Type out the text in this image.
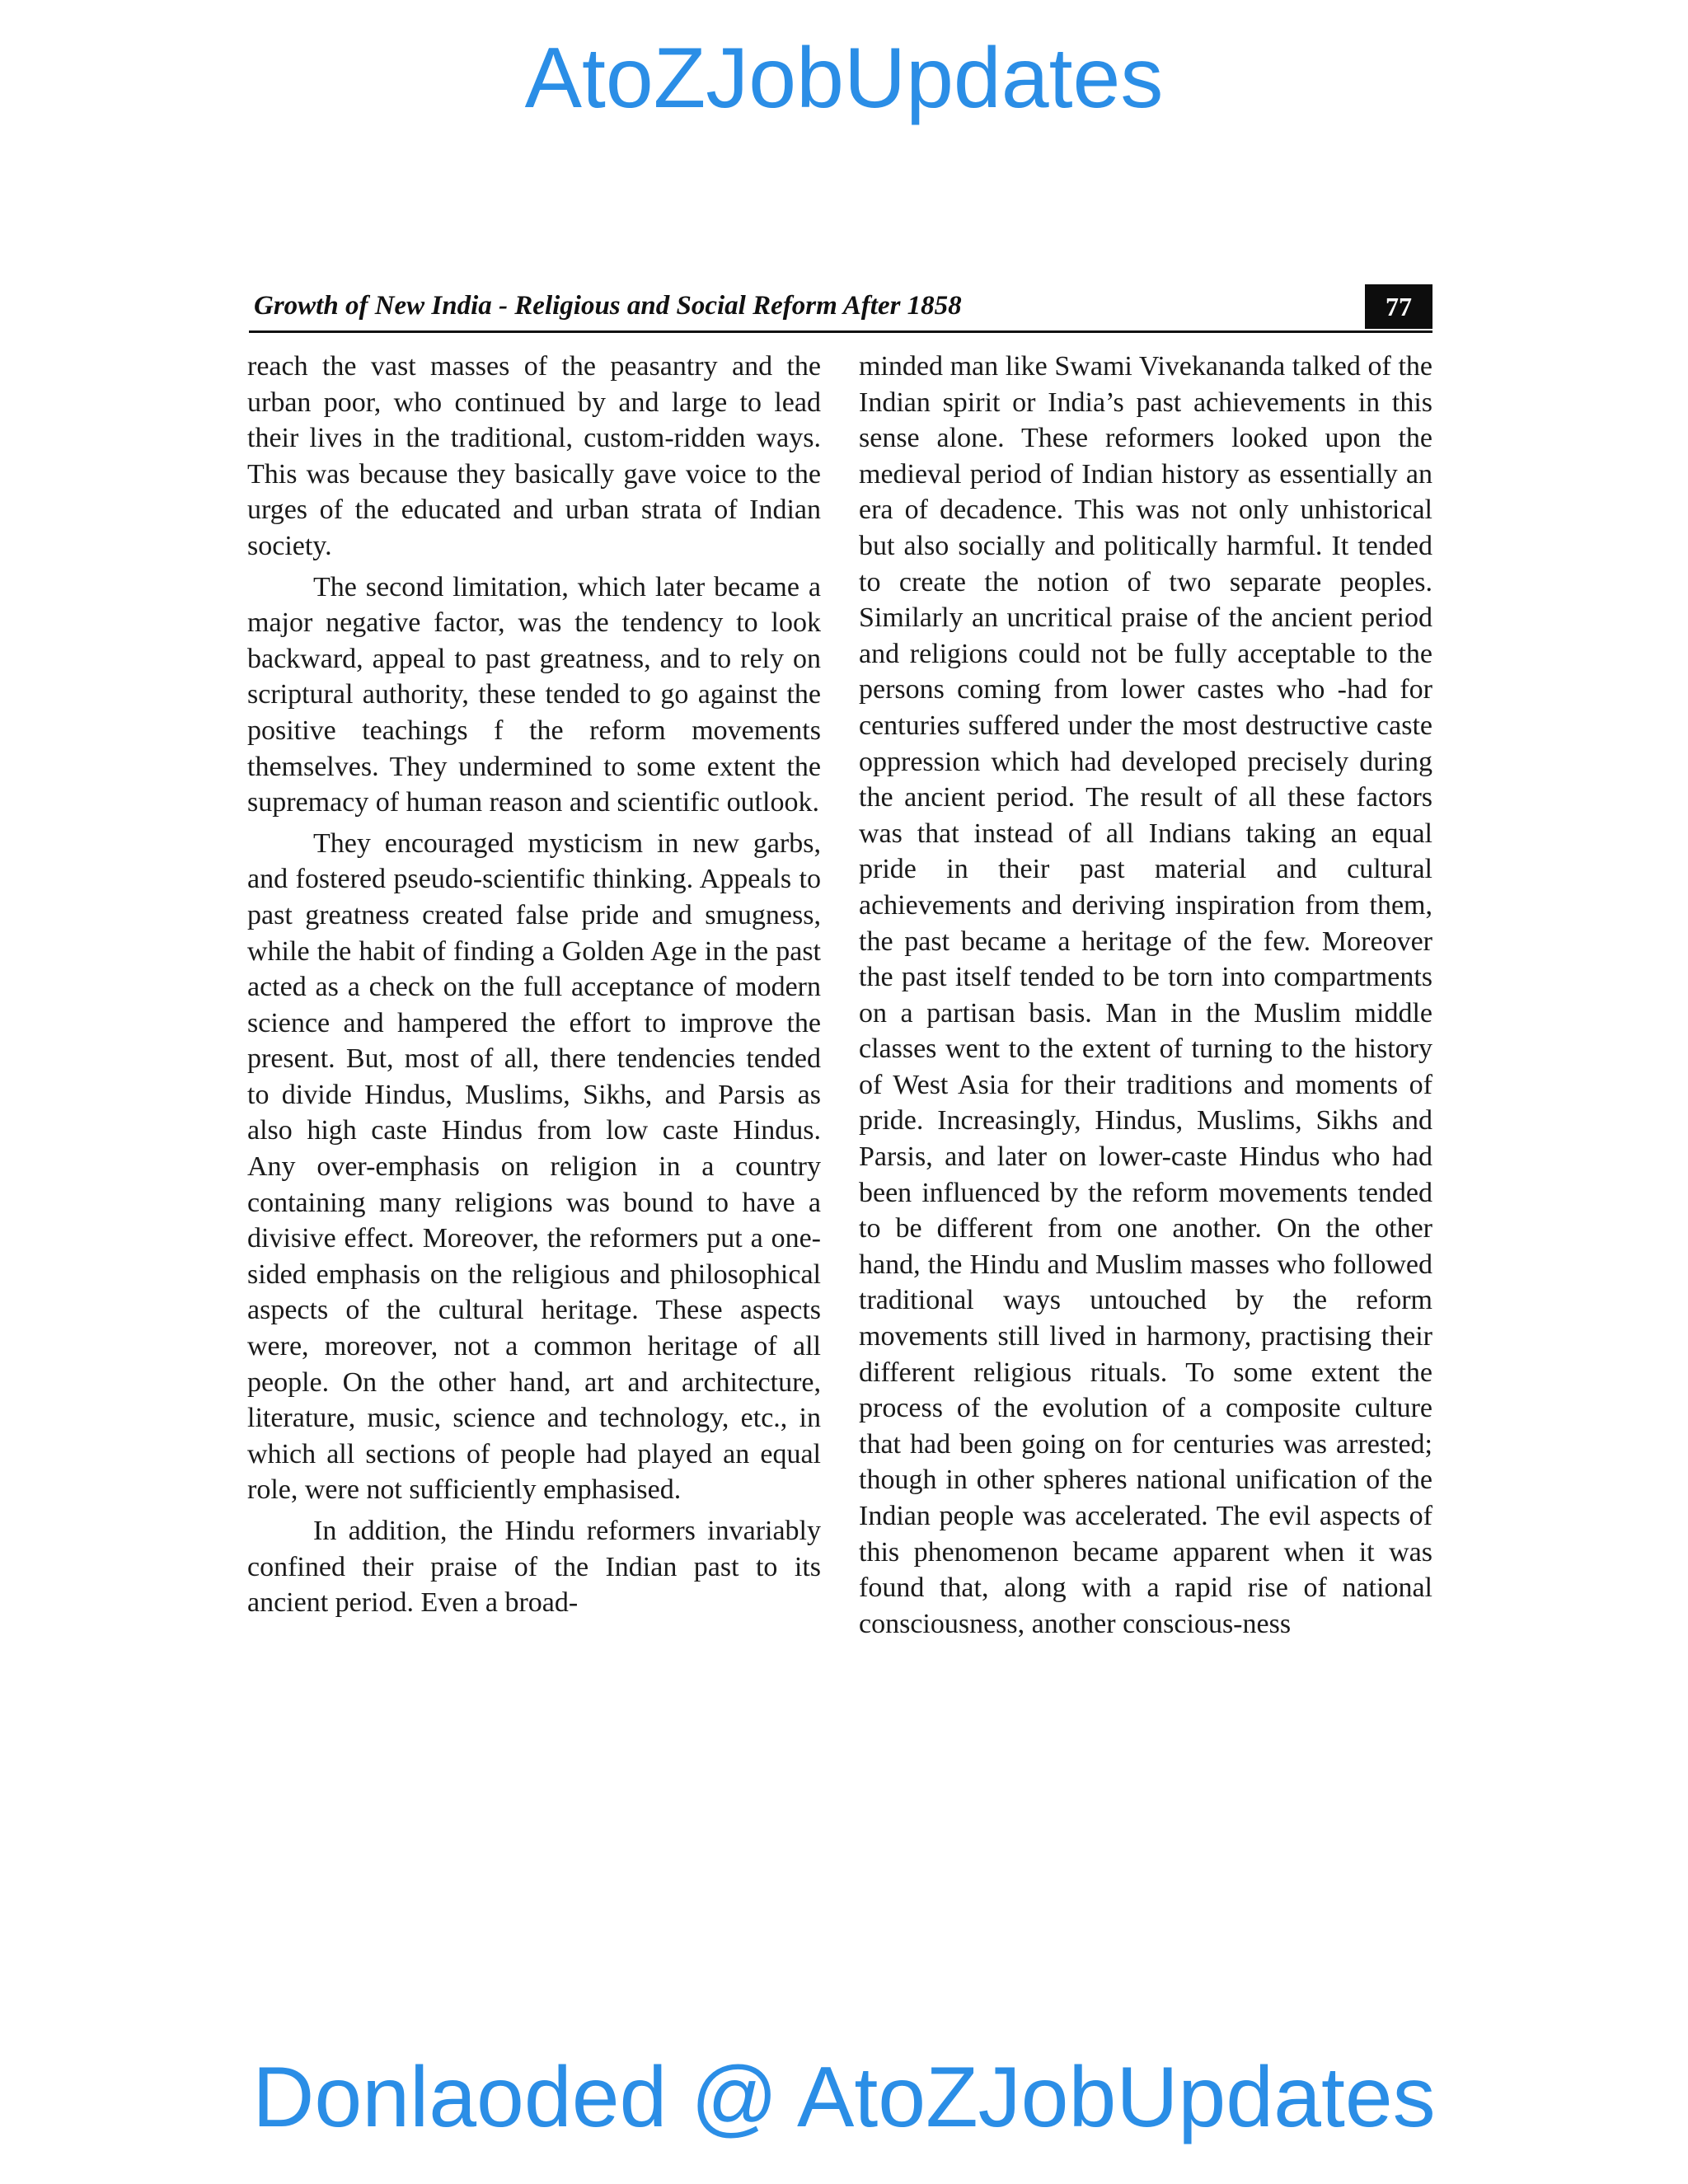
AtoZJobUpdates
Growth of New India - Religious and Social Reform After 1858	77

reach the vast masses of the peasantry and the urban poor, who continued by and large to lead their lives in the traditional, custom-ridden ways. This was because they basically gave voice to the urges of the educated and urban strata of Indian society.

The second limitation, which later became a major negative factor, was the tendency to look backward, appeal to past greatness, and to rely on scriptural authority, these tended to go against the positive teachings f the reform movements themselves. They undermined to some extent the supremacy of human reason and scientific outlook.

They encouraged mysticism in new garbs, and fostered pseudo-scientific thinking. Appeals to past greatness created false pride and smugness, while the habit of finding a Golden Age in the past acted as a check on the full acceptance of modern science and hampered the effort to improve the present. But, most of all, there tendencies tended to divide Hindus, Muslims, Sikhs, and Parsis as also high caste Hindus from low caste Hindus. Any over-emphasis on religion in a country containing many religions was bound to have a divisive effect. Moreover, the reformers put a one-sided emphasis on the religious and philosophical aspects of the cultural heritage. These aspects were, moreover, not a common heritage of all people. On the other hand, art and architecture, literature, music, science and technology, etc., in which all sections of people had played an equal role, were not sufficiently emphasised.

In addition, the Hindu reformers invariably confined their praise of the Indian past to its ancient period. Even a broad-

minded man like Swami Vivekananda talked of the Indian spirit or India’s past achievements in this sense alone. These reformers looked upon the medieval period of Indian history as essentially an era of decadence. This was not only unhistorical but also socially and politically harmful. It tended to create the notion of two separate peoples. Similarly an uncritical praise of the ancient period and religions could not be fully acceptable to the persons coming from lower castes who -had for centuries suffered under the most destructive caste oppression which had developed precisely during the ancient period. The result of all these factors was that instead of all Indians taking an equal pride in their past material and cultural achievements and deriving inspiration from them, the past became a heritage of the few. Moreover the past itself tended to be torn into compartments on a partisan basis. Man in the Muslim middle classes went to the extent of turning to the history of West Asia for their traditions and moments of pride. Increasingly, Hindus, Muslims, Sikhs and Parsis, and later on lower-caste Hindus who had been influenced by the reform movements tended to be different from one another. On the other hand, the Hindu and Muslim masses who followed traditional ways untouched by the reform movements still lived in harmony, practising their different religious rituals. To some extent the process of the evolution of a composite culture that had been going on for centuries was arrested; though in other spheres national unification of the Indian people was accelerated. The evil aspects of this phenomenon became apparent when it was found that, along with a rapid rise of national consciousness, another conscious-ness

Donlaoded @ AtoZJobUpdates
